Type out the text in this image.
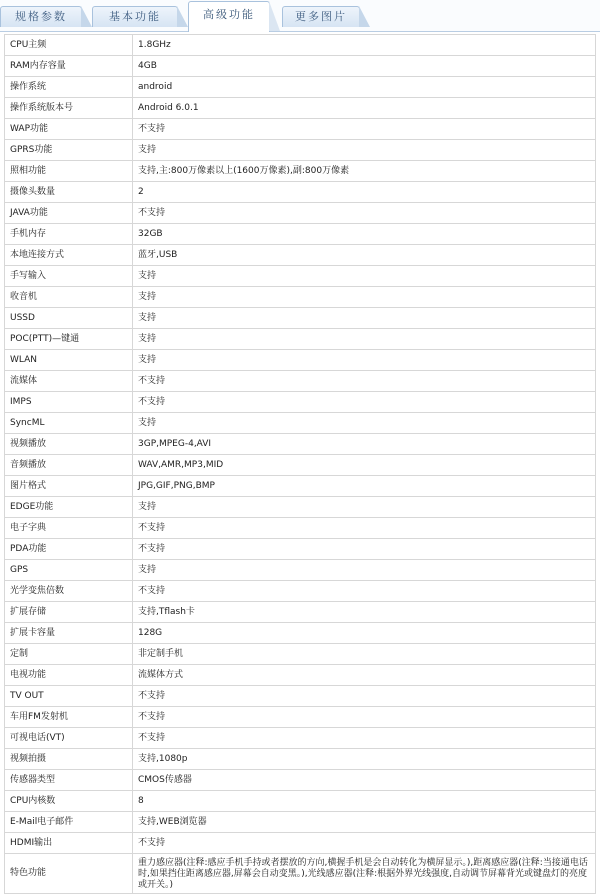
规格参数	基本功能	高级功能	更多图片
CPU主频	1.8GHz
RAM内存容量	4GB
操作系统	android
操作系统版本号	Android 6.0.1
WAP功能	不支持
GPRS功能	支持
照相功能	支持,主:800万像素以上(1600万像素),副:800万像素
摄像头数量	2
JAVA功能	不支持
手机内存	32GB
本地连接方式	蓝牙,USB
手写输入	支持
收音机	支持
USSD	支持
POC(PTT)—键通	支持
WLAN	支持
流媒体	不支持
IMPS	不支持
SyncML	支持
视频播放	3GP,MPEG-4,AVI
音频播放	WAV,AMR,MP3,MID
图片格式	JPG,GIF,PNG,BMP
EDGE功能	支持
电子字典	不支持
PDA功能	不支持
GPS	支持
光学变焦倍数	不支持
扩展存储	支持,Tflash卡
扩展卡容量	128G
定制	非定制手机
电视功能	流媒体方式
TV OUT	不支持
车用FM发射机	不支持
可视电话(VT)	不支持
视频拍摄	支持,1080p
传感器类型	CMOS传感器
CPU内核数	8
E-Mail电子邮件	支持,WEB浏览器
HDMI输出	不支持
特色功能	重力感应器(注释:感应手机手持或者摆放的方向,横握手机是会自动转化为横屏显示。),距离感应器(注释:当接通电话时,如果挡住距离感应器,屏幕会自动变黑。),光线感应器(注释:根据外界光线强度,自动调节屏幕背光或键盘灯的亮度或开关。)
